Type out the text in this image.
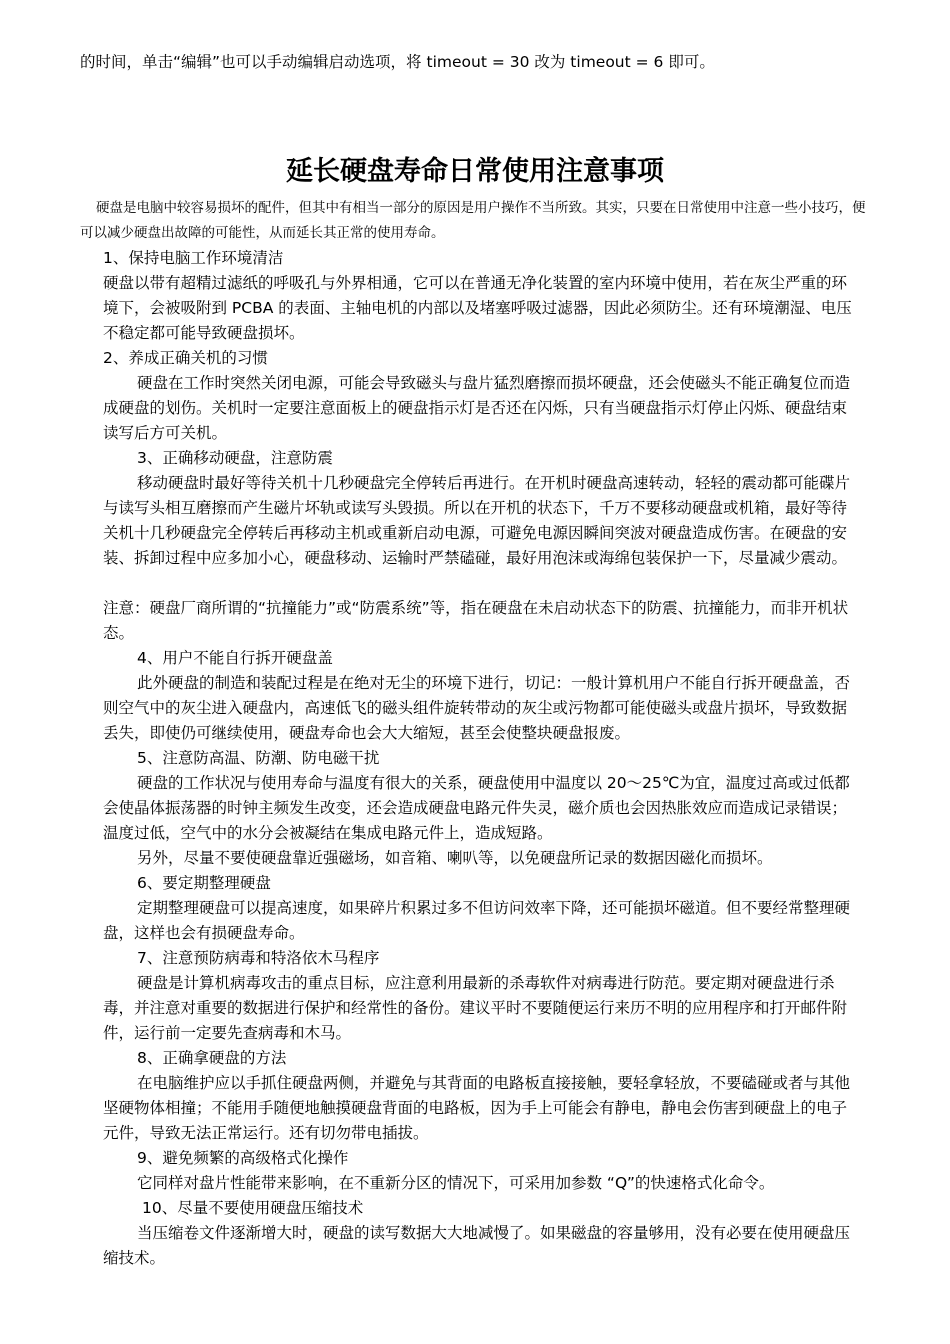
的时间，单击“编辑”也可以手动编辑启动选项，将 timeout = 30 改为 timeout = 6 即可。

延长硬盘寿命日常使用注意事项
硬盘是电脑中较容易损坏的配件，但其中有相当一部分的原因是用户操作不当所致。其实，只要在日常使用中注意一些小技巧，便可以减少硬盘出故障的可能性，从而延长其正常的使用寿命。

1、保持电脑工作环境清洁

硬盘以带有超精过滤纸的呼吸孔与外界相通，它可以在普通无净化装置的室内环境中使用，若在灰尘严重的环境下，会被吸附到 PCBA 的表面、主轴电机的内部以及堵塞呼吸过滤器，因此必须防尘。还有环境潮湿、电压不稳定都可能导致硬盘损坏。

2、养成正确关机的习惯

硬盘在工作时突然关闭电源，可能会导致磁头与盘片猛烈磨擦而损坏硬盘，还会使磁头不能正确复位而造成硬盘的划伤。关机时一定要注意面板上的硬盘指示灯是否还在闪烁，只有当硬盘指示灯停止闪烁、硬盘结束读写后方可关机。

3、正确移动硬盘，注意防震

移动硬盘时最好等待关机十几秒硬盘完全停转后再进行。在开机时硬盘高速转动，轻轻的震动都可能碟片与读写头相互磨擦而产生磁片坏轨或读写头毁损。所以在开机的状态下，千万不要移动硬盘或机箱，最好等待关机十几秒硬盘完全停转后再移动主机或重新启动电源，可避免电源因瞬间突波对硬盘造成伤害。在硬盘的安装、拆卸过程中应多加小心，硬盘移动、运输时严禁磕碰，最好用泡沫或海绵包装保护一下，尽量减少震动。

注意：硬盘厂商所谓的“抗撞能力”或“防震系统”等，指在硬盘在未启动状态下的防震、抗撞能力，而非开机状态。

4、用户不能自行拆开硬盘盖

此外硬盘的制造和装配过程是在绝对无尘的环境下进行，切记：一般计算机用户不能自行拆开硬盘盖，否则空气中的灰尘进入硬盘内，高速低飞的磁头组件旋转带动的灰尘或污物都可能使磁头或盘片损坏，导致数据丢失，即使仍可继续使用，硬盘寿命也会大大缩短，甚至会使整块硬盘报废。

5、注意防高温、防潮、防电磁干扰

硬盘的工作状况与使用寿命与温度有很大的关系，硬盘使用中温度以 20～25℃为宜，温度过高或过低都会使晶体振荡器的时钟主频发生改变，还会造成硬盘电路元件失灵，磁介质也会因热胀效应而造成记录错误；温度过低，空气中的水分会被凝结在集成电路元件上，造成短路。

另外，尽量不要使硬盘靠近强磁场，如音箱、喇叭等，以免硬盘所记录的数据因磁化而损坏。

6、要定期整理硬盘

定期整理硬盘可以提高速度，如果碎片积累过多不但访问效率下降，还可能损坏磁道。但不要经常整理硬盘，这样也会有损硬盘寿命。

7、注意预防病毒和特洛依木马程序

硬盘是计算机病毒攻击的重点目标，应注意利用最新的杀毒软件对病毒进行防范。要定期对硬盘进行杀毒，并注意对重要的数据进行保护和经常性的备份。建议平时不要随便运行来历不明的应用程序和打开邮件附件，运行前一定要先查病毒和木马。

8、正确拿硬盘的方法

在电脑维护应以手抓住硬盘两侧，并避免与其背面的电路板直接接触，要轻拿轻放，不要磕碰或者与其他坚硬物体相撞；不能用手随便地触摸硬盘背面的电路板，因为手上可能会有静电，静电会伤害到硬盘上的电子元件，导致无法正常运行。还有切勿带电插拔。

9、避免频繁的高级格式化操作

它同样对盘片性能带来影响，在不重新分区的情况下，可采用加参数 “Q”的快速格式化命令。

10、尽量不要使用硬盘压缩技术

当压缩卷文件逐渐增大时，硬盘的读写数据大大地减慢了。如果磁盘的容量够用，没有必要在使用硬盘压缩技术。
